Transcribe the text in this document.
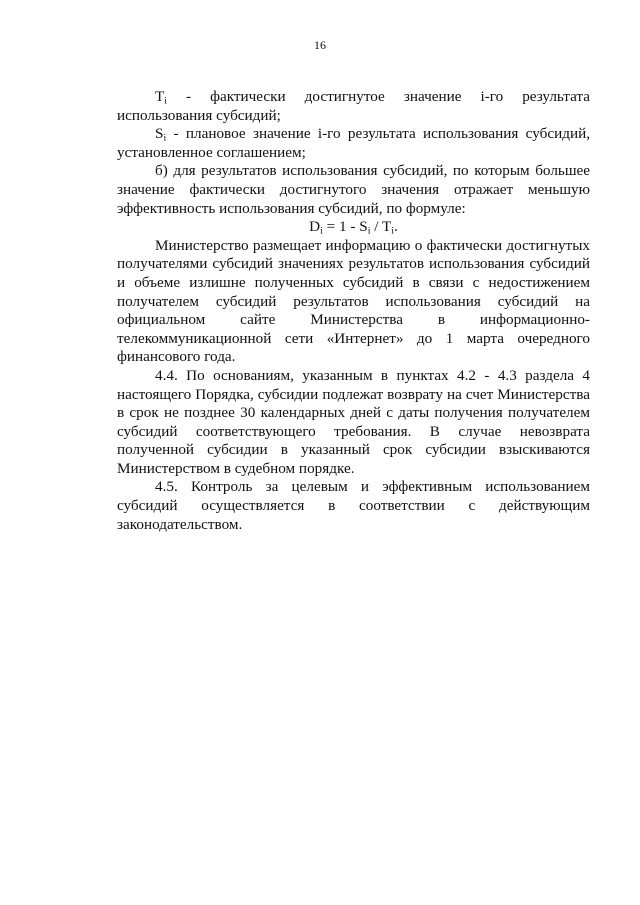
16

$T_i$ - фактически достигнутое значение i-го результата использования субсидий;

$S_i$ - плановое значение i-го результата использования субсидий, установленное соглашением;

б) для результатов использования субсидий, по которым большее значение фактически достигнутого значения отражает меньшую эффективность использования субсидий, по формуле:

$D_i = 1 - S_i / T_i$.

Министерство размещает информацию о фактически достигнутых получателями субсидий значениях результатов использования субсидий и объеме излишне полученных субсидий в связи с недостижением получателем субсидий результатов использования субсидий на официальном сайте Министерства в информационно-телекоммуникационной сети «Интернет» до 1 марта очередного финансового года.

4.4. По основаниям, указанным в пунктах 4.2 - 4.3 раздела 4 настоящего Порядка, субсидии подлежат возврату на счет Министерства в срок не позднее 30 календарных дней с даты получения получателем субсидий соответствующего требования. В случае невозврата полученной субсидии в указанный срок субсидии взыскиваются Министерством в судебном порядке.

4.5. Контроль за целевым и эффективным использованием субсидий осуществляется в соответствии с действующим законодательством.
